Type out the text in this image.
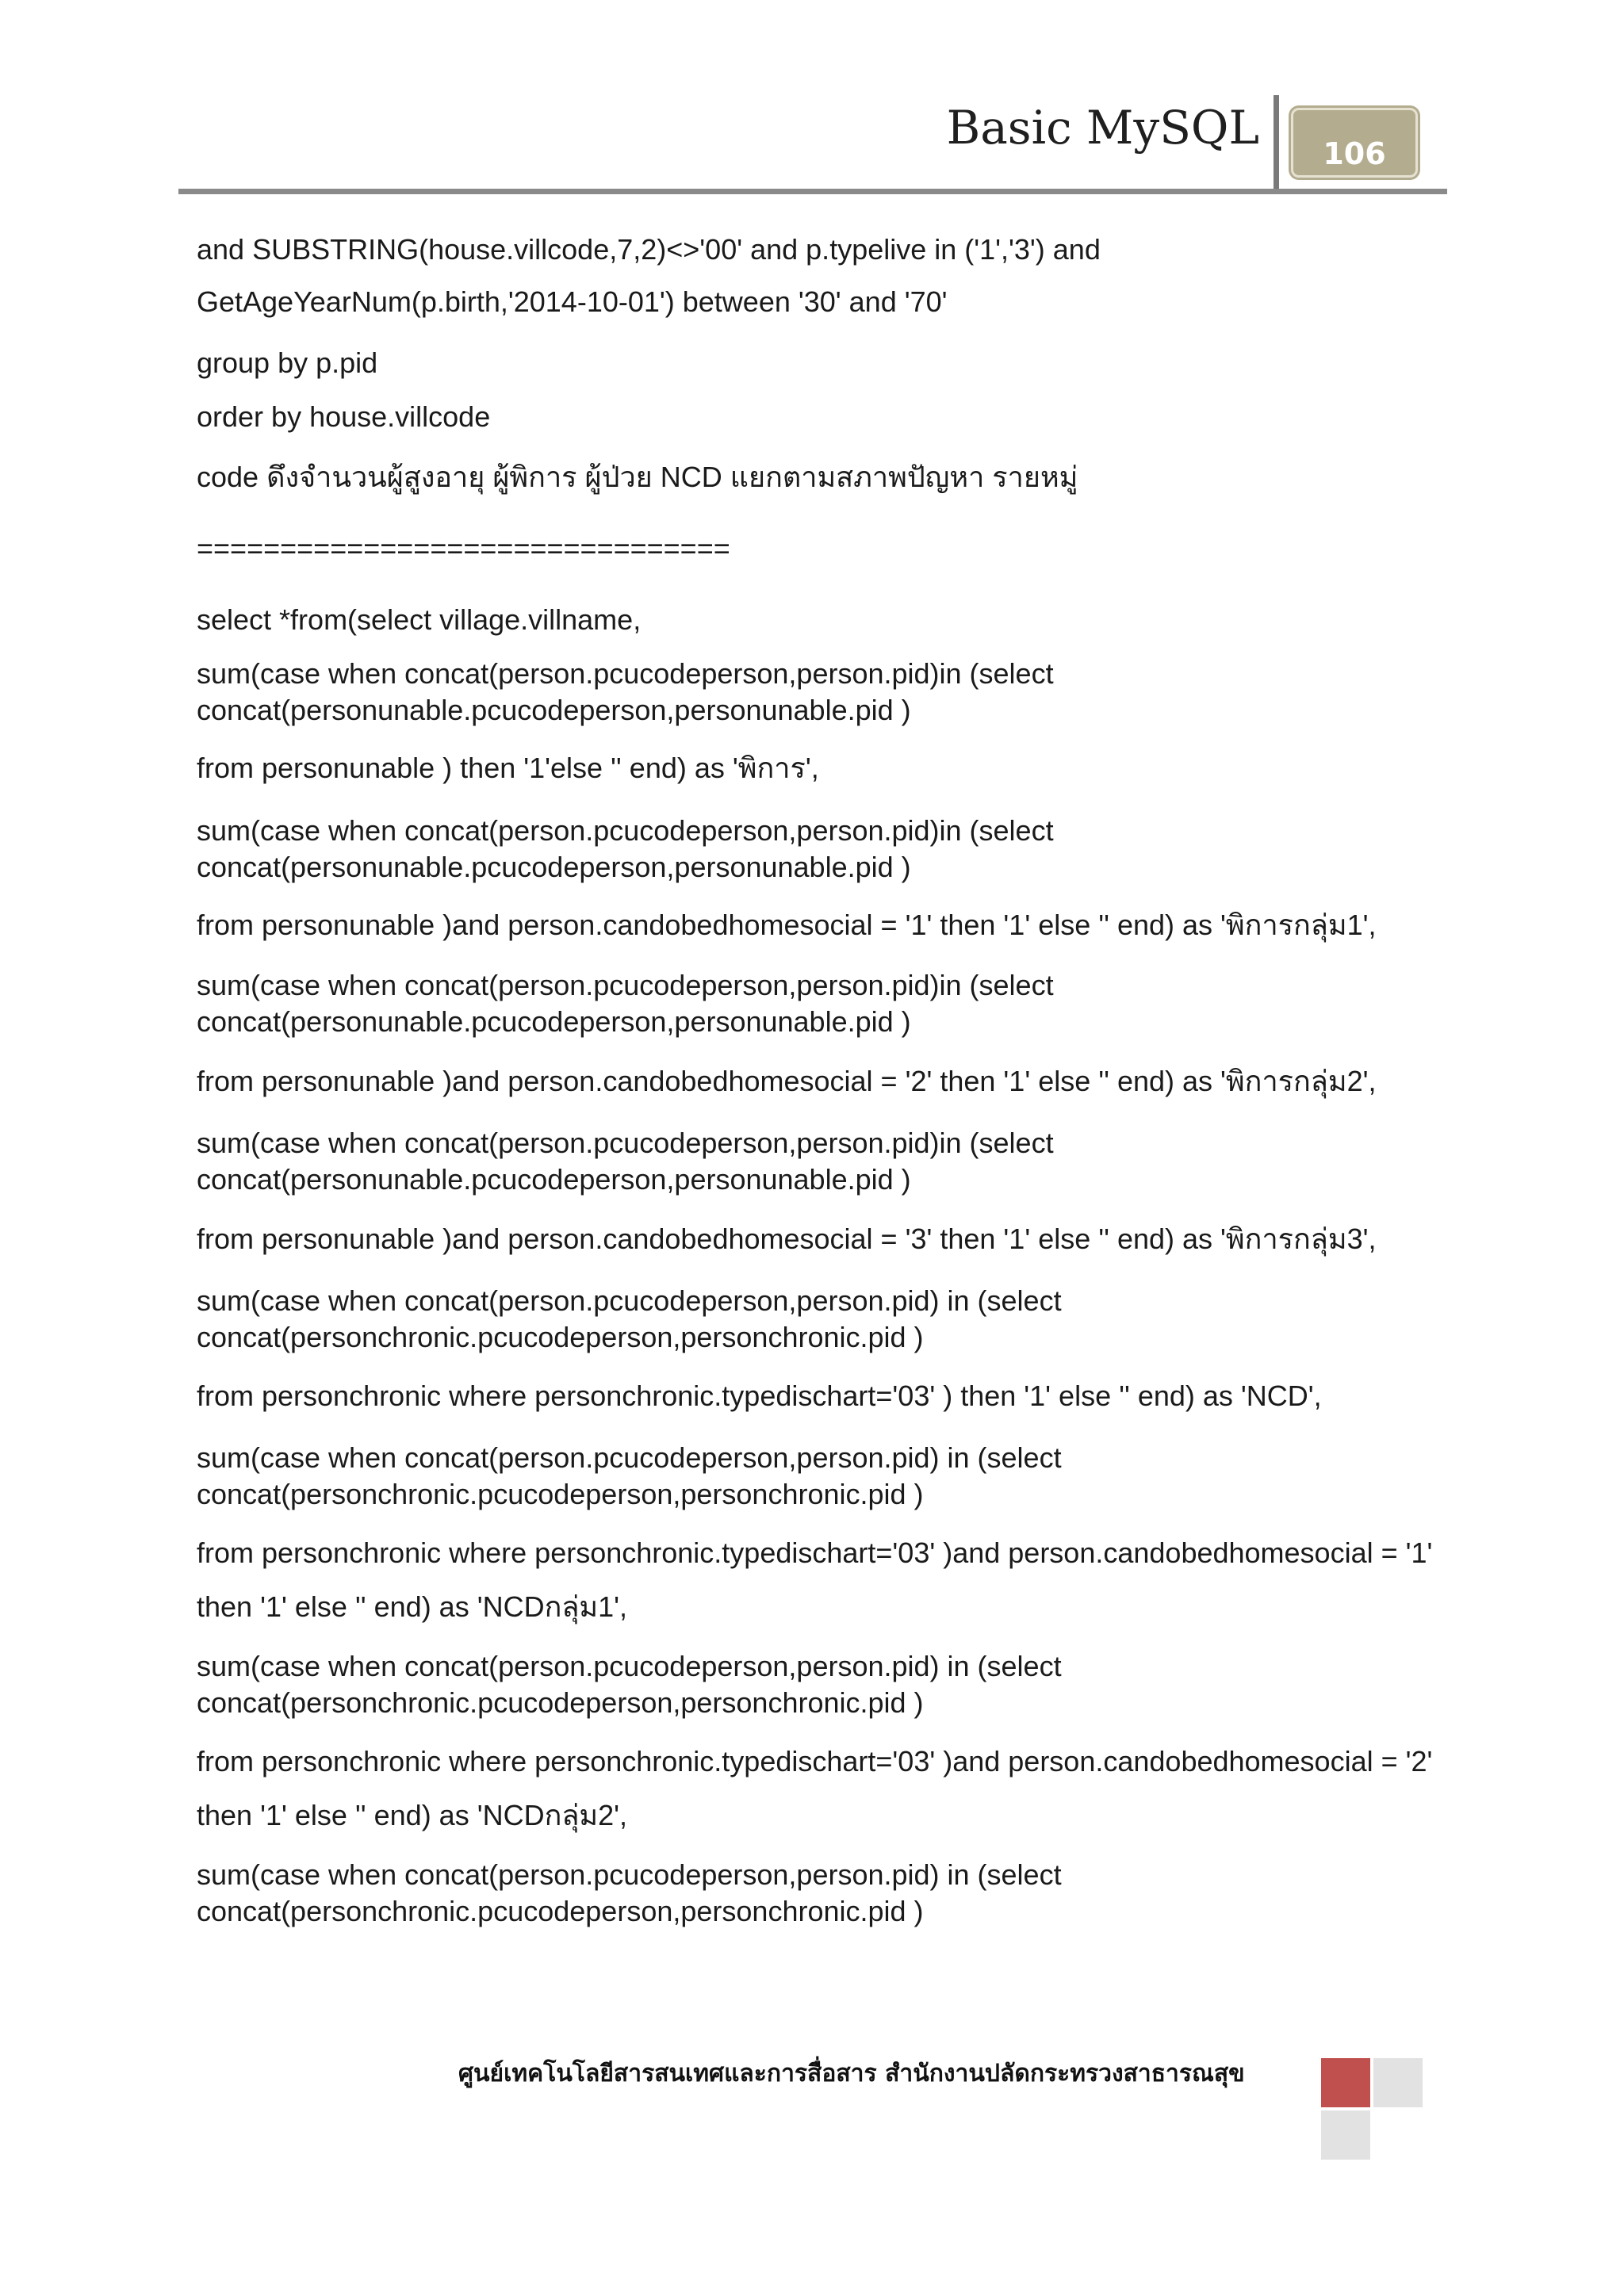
Basic MySQL 106
and SUBSTRING(house.villcode,7,2)<>'00' and p.typelive in ('1','3') and
GetAgeYearNum(p.birth,'2014-10-01') between '30' and '70'
group by p.pid
order by house.villcode
code ดึงจำนวนผู้สูงอายุ ผู้พิการ ผู้ป่วย NCD แยกตามสภาพปัญหา รายหมู่
================================
select *from(select village.villname,
sum(case when concat(person.pcucodeperson,person.pid)in (select
concat(personunable.pcucodeperson,personunable.pid )
from personunable ) then '1'else '' end) as 'พิการ',
sum(case when concat(person.pcucodeperson,person.pid)in (select
concat(personunable.pcucodeperson,personunable.pid )
from personunable )and person.candobedhomesocial = '1' then '1' else '' end) as 'พิการกลุ่ม1',
sum(case when concat(person.pcucodeperson,person.pid)in (select
concat(personunable.pcucodeperson,personunable.pid )
from personunable )and person.candobedhomesocial = '2' then '1' else '' end) as 'พิการกลุ่ม2',
sum(case when concat(person.pcucodeperson,person.pid)in (select
concat(personunable.pcucodeperson,personunable.pid )
from personunable )and person.candobedhomesocial = '3' then '1' else '' end) as 'พิการกลุ่ม3',
sum(case when concat(person.pcucodeperson,person.pid) in (select
concat(personchronic.pcucodeperson,personchronic.pid )
from personchronic where personchronic.typedischart='03' ) then '1' else '' end) as 'NCD',
sum(case when concat(person.pcucodeperson,person.pid) in (select
concat(personchronic.pcucodeperson,personchronic.pid )
from personchronic where personchronic.typedischart='03' )and person.candobedhomesocial = '1'
then '1' else '' end) as 'NCDกลุ่ม1',
sum(case when concat(person.pcucodeperson,person.pid) in (select
concat(personchronic.pcucodeperson,personchronic.pid )
from personchronic where personchronic.typedischart='03' )and person.candobedhomesocial = '2'
then '1' else '' end) as 'NCDกลุ่ม2',
sum(case when concat(person.pcucodeperson,person.pid) in (select
concat(personchronic.pcucodeperson,personchronic.pid )
ศูนย์เทคโนโลยีสารสนเทศและการสื่อสาร สำนักงานปลัดกระทรวงสาธารณสุข
